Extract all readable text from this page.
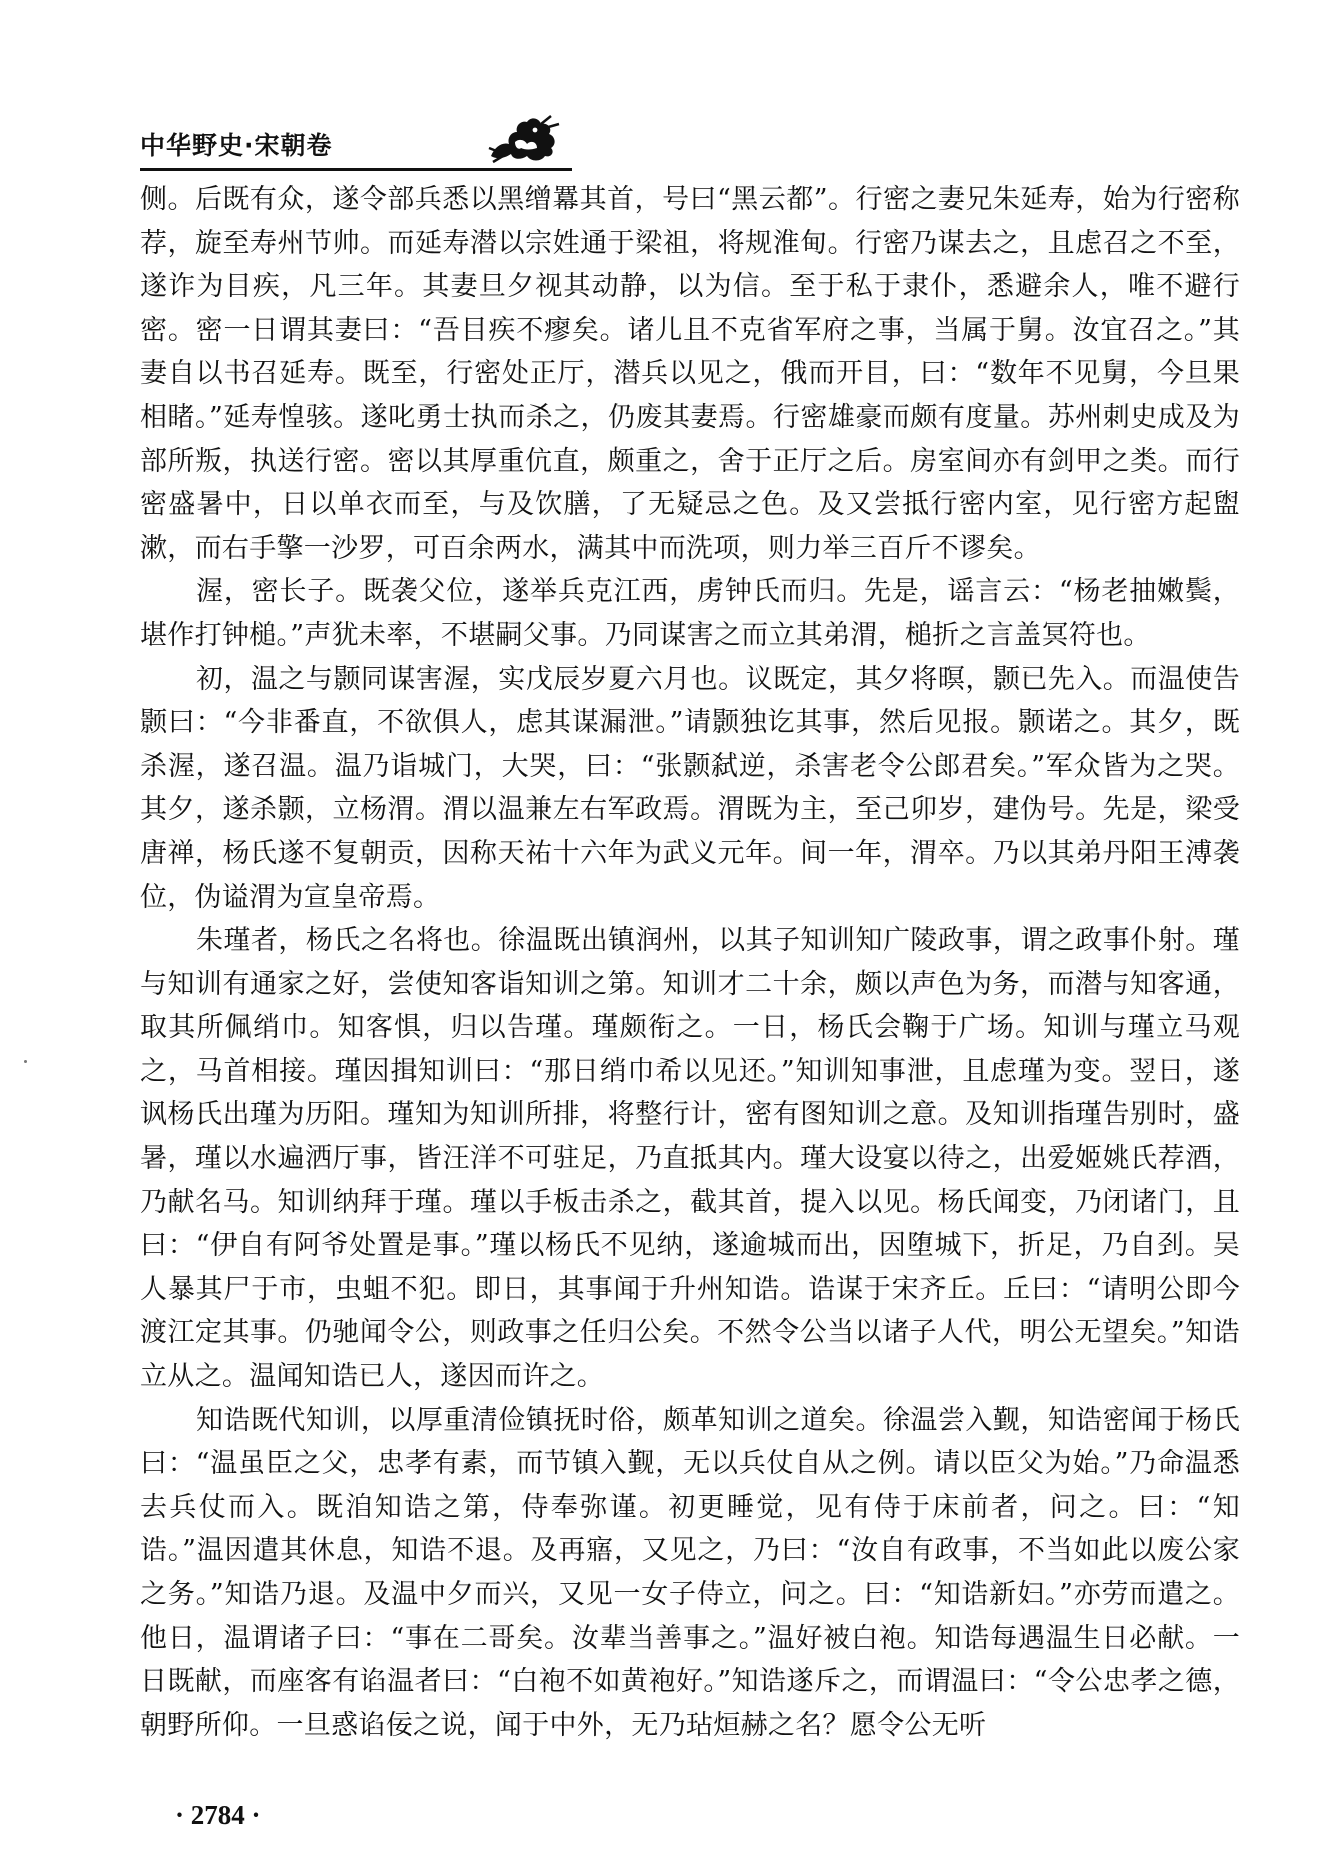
中华野史·宋朝卷

侧。后既有众，遂令部兵悉以黑缯羃其首，号曰“黑云都”。行密之妻兄朱延寿，始为行密称荐，旋至寿州节帅。而延寿潜以宗姓通于梁祖，将规淮甸。行密乃谋去之，且虑召之不至，遂诈为目疾，凡三年。其妻旦夕视其动静，以为信。至于私于隶仆，悉避余人，唯不避行密。密一日谓其妻曰：“吾目疾不瘳矣。诸儿且不克省军府之事，当属于舅。汝宜召之。”其妻自以书召延寿。既至，行密处正厅，潜兵以见之，俄而开目，曰：“数年不见舅，今旦果相睹。”延寿惶骇。遂叱勇士执而杀之，仍废其妻焉。行密雄豪而颇有度量。苏州刺史成及为部所叛，执送行密。密以其厚重伉直，颇重之，舍于正厅之后。房室间亦有剑甲之类。而行密盛暑中，日以单衣而至，与及饮膳，了无疑忌之色。及又尝抵行密内室，见行密方起盥漱，而右手擎一沙罗，可百余两水，满其中而洗项，则力举三百斤不谬矣。

渥，密长子。既袭父位，遂举兵克江西，虏钟氏而归。先是，谣言云：“杨老抽嫩鬓，堪作打钟槌。”声犹未率，不堪嗣父事。乃同谋害之而立其弟渭，槌折之言盖冥符也。

初，温之与颢同谋害渥，实戊辰岁夏六月也。议既定，其夕将暝，颢已先入。而温使告颢曰：“今非番直，不欲俱人，虑其谋漏泄。”请颢独讫其事，然后见报。颢诺之。其夕，既杀渥，遂召温。温乃诣城门，大哭，曰：“张颢弑逆，杀害老令公郎君矣。”军众皆为之哭。其夕，遂杀颢，立杨渭。渭以温兼左右军政焉。渭既为主，至己卯岁，建伪号。先是，梁受唐禅，杨氏遂不复朝贡，因称天祐十六年为武义元年。间一年，渭卒。乃以其弟丹阳王溥袭位，伪谥渭为宣皇帝焉。

朱瑾者，杨氏之名将也。徐温既出镇润州，以其子知训知广陵政事，谓之政事仆射。瑾与知训有通家之好，尝使知客诣知训之第。知训才二十余，颇以声色为务，而潜与知客通，取其所佩绡巾。知客惧，归以告瑾。瑾颇衔之。一日，杨氏会鞠于广场。知训与瑾立马观之，马首相接。瑾因揖知训曰：“那日绡巾希以见还。”知训知事泄，且虑瑾为变。翌日，遂讽杨氏出瑾为历阳。瑾知为知训所排，将整行计，密有图知训之意。及知训指瑾告别时，盛暑，瑾以水遍洒厅事，皆汪洋不可驻足，乃直抵其内。瑾大设宴以待之，出爱姬姚氏荐酒，乃献名马。知训纳拜于瑾。瑾以手板击杀之，截其首，提入以见。杨氏闻变，乃闭诸门，且曰：“伊自有阿爷处置是事。”瑾以杨氏不见纳，遂逾城而出，因堕城下，折足，乃自刭。吴人暴其尸于市，虫蛆不犯。即日，其事闻于升州知诰。诰谋于宋齐丘。丘曰：“请明公即今渡江定其事。仍驰闻令公，则政事之任归公矣。不然令公当以诸子人代，明公无望矣。”知诰立从之。温闻知诰已人，遂因而许之。

知诰既代知训，以厚重清俭镇抚时俗，颇革知训之道矣。徐温尝入觐，知诰密闻于杨氏曰：“温虽臣之父，忠孝有素，而节镇入觐，无以兵仗自从之例。请以臣父为始。”乃命温悉去兵仗而入。既洎知诰之第，侍奉弥谨。初更睡觉，见有侍于床前者，问之。曰：“知诰。”温因遣其休息，知诰不退。及再寤，又见之，乃曰：“汝自有政事，不当如此以废公家之务。”知诰乃退。及温中夕而兴，又见一女子侍立，问之。曰：“知诰新妇。”亦劳而遣之。他日，温谓诸子曰：“事在二哥矣。汝辈当善事之。”温好被白袍。知诰每遇温生日必献。一日既献，而座客有谄温者曰：“白袍不如黄袍好。”知诰遂斥之，而谓温曰：“令公忠孝之德，朝野所仰。一旦惑谄佞之说，闻于中外，无乃玷烜赫之名？愿令公无听

· 2784 ·
